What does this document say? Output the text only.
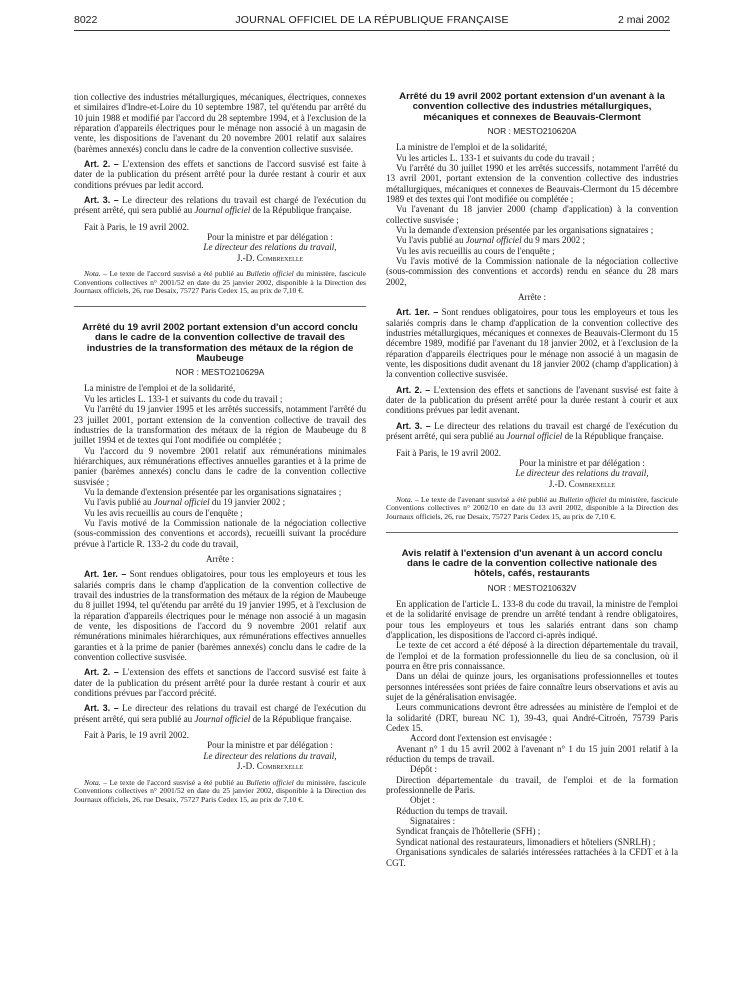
8022	JOURNAL OFFICIEL DE LA RÉPUBLIQUE FRANÇAISE	2 mai 2002

tion collective des industries métallurgiques, mécaniques, électriques, connexes et similaires d'Indre-et-Loire du 10 septembre 1987, tel qu'étendu par arrêté du 10 juin 1988 et modifié par l'accord du 28 septembre 1994, et à l'exclusion de la réparation d'appareils électriques pour le ménage non associé à un magasin de vente, les dispositions de l'avenant du 20 novembre 2001 relatif aux salaires (barèmes annexés) conclu dans le cadre de la convention collective susvisée.

Art. 2. – L'extension des effets et sanctions de l'accord susvisé est faite à dater de la publication du présent arrêté pour la durée restant à courir et aux conditions prévues par ledit accord.

Art. 3. – Le directeur des relations du travail est chargé de l'exécution du présent arrêté, qui sera publié au Journal officiel de la République française.

Fait à Paris, le 19 avril 2002.

Pour la ministre et par délégation :

Le directeur des relations du travail,

J.-D. Combrexelle

Nota. – Le texte de l'accord susvisé a été publié au Bulletin officiel du ministère, fascicule Conventions collectives n° 2001/52 en date du 25 janvier 2002, disponible à la Direction des Journaux officiels, 26, rue Desaix, 75727 Paris Cedex 15, au prix de 7,10 €.

Arrêté du 19 avril 2002 portant extension d'un accord conclu dans le cadre de la convention collective de travail des industries de la transformation des métaux de la région de Maubeuge
NOR : MESTO210629A

La ministre de l'emploi et de la solidarité,

Vu les articles L. 133-1 et suivants du code du travail ;

Vu l'arrêté du 19 janvier 1995 et les arrêtés successifs, notamment l'arrêté du 23 juillet 2001, portant extension de la convention collective de travail des industries de la transformation des métaux de la région de Maubeuge du 8 juillet 1994 et de textes qui l'ont modifiée ou complétée ;

Vu l'accord du 9 novembre 2001 relatif aux rémunérations minimales hiérarchiques, aux rémunérations effectives annuelles garanties et à la prime de panier (barèmes annexés) conclu dans le cadre de la convention collective susvisée ;

Vu la demande d'extension présentée par les organisations signataires ;

Vu l'avis publié au Journal officiel du 19 janvier 2002 ;

Vu les avis recueillis au cours de l'enquête ;

Vu l'avis motivé de la Commission nationale de la négociation collective (sous-commission des conventions et accords), recueilli suivant la procédure prévue à l'article R. 133-2 du code du travail,

Arrête :

Art. 1er. – Sont rendues obligatoires, pour tous les employeurs et tous les salariés compris dans le champ d'application de la convention collective de travail des industries de la transformation des métaux de la région de Maubeuge du 8 juillet 1994, tel qu'étendu par arrêté du 19 janvier 1995, et à l'exclusion de la réparation d'appareils électriques pour le ménage non associé à un magasin de vente, les dispositions de l'accord du 9 novembre 2001 relatif aux rémunérations minimales hiérarchiques, aux rémunérations effectives annuelles garanties et à la prime de panier (barèmes annexés) conclu dans le cadre de la convention collective susvisée.

Art. 2. – L'extension des effets et sanctions de l'accord susvisé est faite à dater de la publication du présent arrêté pour la durée restant à courir et aux conditions prévues par l'accord précité.

Art. 3. – Le directeur des relations du travail est chargé de l'exécution du présent arrêté, qui sera publié au Journal officiel de la République française.

Fait à Paris, le 19 avril 2002.

Pour la ministre et par délégation :

Le directeur des relations du travail,

J.-D. Combrexelle

Nota. – Le texte de l'accord susvisé a été publié au Bulletin officiel du ministère, fascicule Conventions collectives n° 2001/52 en date du 25 janvier 2002, disponible à la Direction des Journaux officiels, 26, rue Desaix, 75727 Paris Cedex 15, au prix de 7,10 €.

Arrêté du 19 avril 2002 portant extension d'un avenant à la convention collective des industries métallurgiques, mécaniques et connexes de Beauvais-Clermont
NOR : MESTO210620A

La ministre de l'emploi et de la solidarité,

Vu les articles L. 133-1 et suivants du code du travail ;

Vu l'arrêté du 30 juillet 1990 et les arrêtés successifs, notamment l'arrêté du 13 avril 2001, portant extension de la convention collective des industries métallurgiques, mécaniques et connexes de Beauvais-Clermont du 15 décembre 1989 et des textes qui l'ont modifiée ou complétée ;

Vu l'avenant du 18 janvier 2000 (champ d'application) à la convention collective susvisée ;

Vu la demande d'extension présentée par les organisations signataires ;

Vu l'avis publié au Journal officiel du 9 mars 2002 ;

Vu les avis recueillis au cours de l'enquête ;

Vu l'avis motivé de la Commission nationale de la négociation collective (sous-commission des conventions et accords) rendu en séance du 28 mars 2002,

Arrête :

Art. 1er. – Sont rendues obligatoires, pour tous les employeurs et tous les salariés compris dans le champ d'application de la convention collective des industries métallurgiques, mécaniques et connexes de Beauvais-Clermont du 15 décembre 1989, modifié par l'avenant du 18 janvier 2002, et à l'exclusion de la réparation d'appareils électriques pour le ménage non associé à un magasin de vente, les dispositions dudit avenant du 18 janvier 2002 (champ d'application) à la convention collective susvisée.

Art. 2. – L'extension des effets et sanctions de l'avenant susvisé est faite à dater de la publication du présent arrêté pour la durée restant à courir et aux conditions prévues par ledit avenant.

Art. 3. – Le directeur des relations du travail est chargé de l'exécution du présent arrêté, qui sera publié au Journal officiel de la République française.

Fait à Paris, le 19 avril 2002.

Pour la ministre et par délégation :

Le directeur des relations du travail,

J.-D. Combrexelle

Nota. – Le texte de l'avenant susvisé a été publié au Bulletin officiel du ministère, fascicule Conventions collectives n° 2002/10 en date du 13 avril 2002, disponible à la Direction des Journaux officiels, 26, rue Desaix, 75727 Paris Cedex 15, au prix de 7,10 €.

Avis relatif à l'extension d'un avenant à un accord conclu dans le cadre de la convention collective nationale des hôtels, cafés, restaurants
NOR : MESTO210632V

En application de l'article L. 133-8 du code du travail, la ministre de l'emploi et de la solidarité envisage de prendre un arrêté tendant à rendre obligatoires, pour tous les employeurs et tous les salariés entrant dans son champ d'application, les dispositions de l'accord ci-après indiqué.

Le texte de cet accord a été déposé à la direction départementale du travail, de l'emploi et de la formation professionnelle du lieu de sa conclusion, où il pourra en être pris connaissance.

Dans un délai de quinze jours, les organisations professionnelles et toutes personnes intéressées sont priées de faire connaître leurs observations et avis au sujet de la généralisation envisagée.

Leurs communications devront être adressées au ministère de l'emploi et de la solidarité (DRT, bureau NC 1), 39-43, quai André-Citroën, 75739 Paris Cedex 15.

Accord dont l'extension est envisagée :

Avenant n° 1 du 15 avril 2002 à l'avenant n° 1 du 15 juin 2001 relatif à la réduction du temps de travail.

Dépôt :

Direction départementale du travail, de l'emploi et de la formation professionnelle de Paris.

Objet :

Réduction du temps de travail.

Signataires :

Syndicat français de l'hôtellerie (SFH) ;

Syndicat national des restaurateurs, limonadiers et hôteliers (SNRLH) ;

Organisations syndicales de salariés intéressées rattachées à la CFDT et à la CGT.
